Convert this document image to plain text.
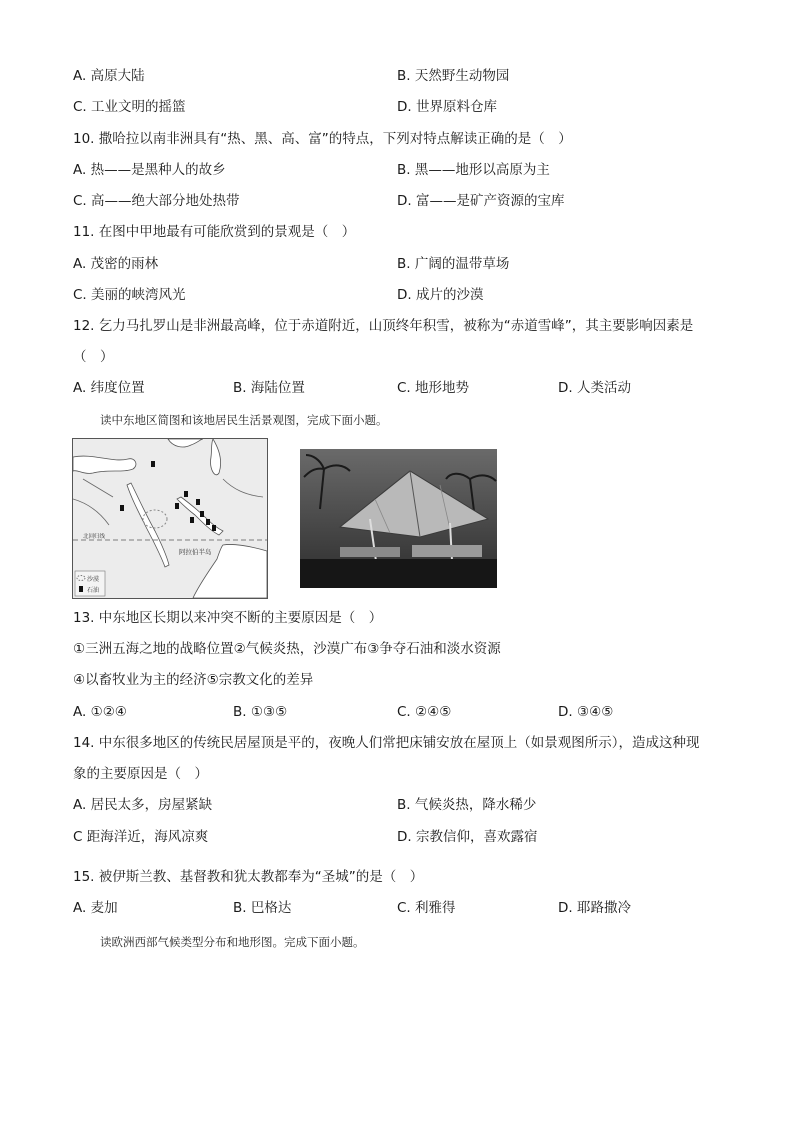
A. 高原大陆	B. 天然野生动物园
C. 工业文明的摇篮	D. 世界原料仓库
10. 撒哈拉以南非洲具有“热、黑、高、富”的特点，下列对特点解读正确的是（　）
A. 热——是黑种人的故乡	B. 黑——地形以高原为主
C. 高——绝大部分地处热带	D. 富——是矿产资源的宝库
11. 在图中甲地最有可能欣赏到的景观是（　）
A. 茂密的雨林	B. 广阔的温带草场
C. 美丽的峡湾风光	D. 成片的沙漠
12. 乞力马扎罗山是非洲最高峰，位于赤道附近，山顶终年积雪，被称为“赤道雪峰”，其主要影响因素是
（　）
A. 纬度位置	B. 海陆位置	C. 地形地势	D. 人类活动
读中东地区简图和该地居民生活景观图，完成下面小题。
北回归线
阿拉伯半岛
沙漠
石油
13. 中东地区长期以来冲突不断的主要原因是（　）
①三洲五海之地的战略位置②气候炎热，沙漠广布③争夺石油和淡水资源
④以畜牧业为主的经济⑤宗教文化的差异
A. ①②④	B. ①③⑤	C. ②④⑤	D. ③④⑤
14. 中东很多地区的传统民居屋顶是平的，夜晚人们常把床铺安放在屋顶上（如景观图所示），造成这种现
象的主要原因是（　）
A. 居民太多，房屋紧缺	B. 气候炎热，降水稀少
C 距海洋近，海风凉爽	D. 宗教信仰，喜欢露宿
15. 被伊斯兰教、基督教和犹太教都奉为“圣城”的是（　）
A. 麦加	B. 巴格达	C. 利雅得	D. 耶路撒冷
读欧洲西部气候类型分布和地形图。完成下面小题。
